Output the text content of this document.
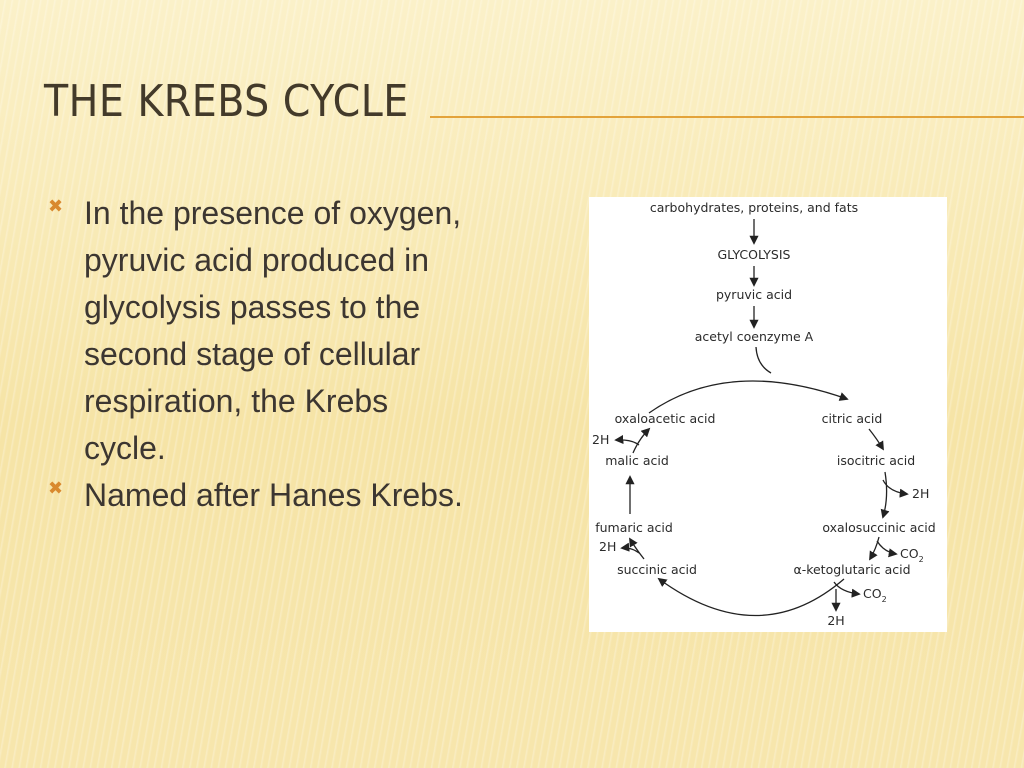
THE KREBS CYCLE
✖ In the presence of oxygen, pyruvic acid produced in glycolysis passes to the second stage of cellular respiration, the Krebs cycle.
✖ Named after Hanes Krebs.
carbohydrates, proteins, and fats
GLYCOLYSIS
pyruvic acid
acetyl coenzyme A
oxaloacetic acid	citric acid
2H
malic acid	isocitric acid
2H
fumaric acid	oxalosuccinic acid
2H	$CO_2$
succinic acid	α-ketoglutaric acid
$CO_2$
2H
